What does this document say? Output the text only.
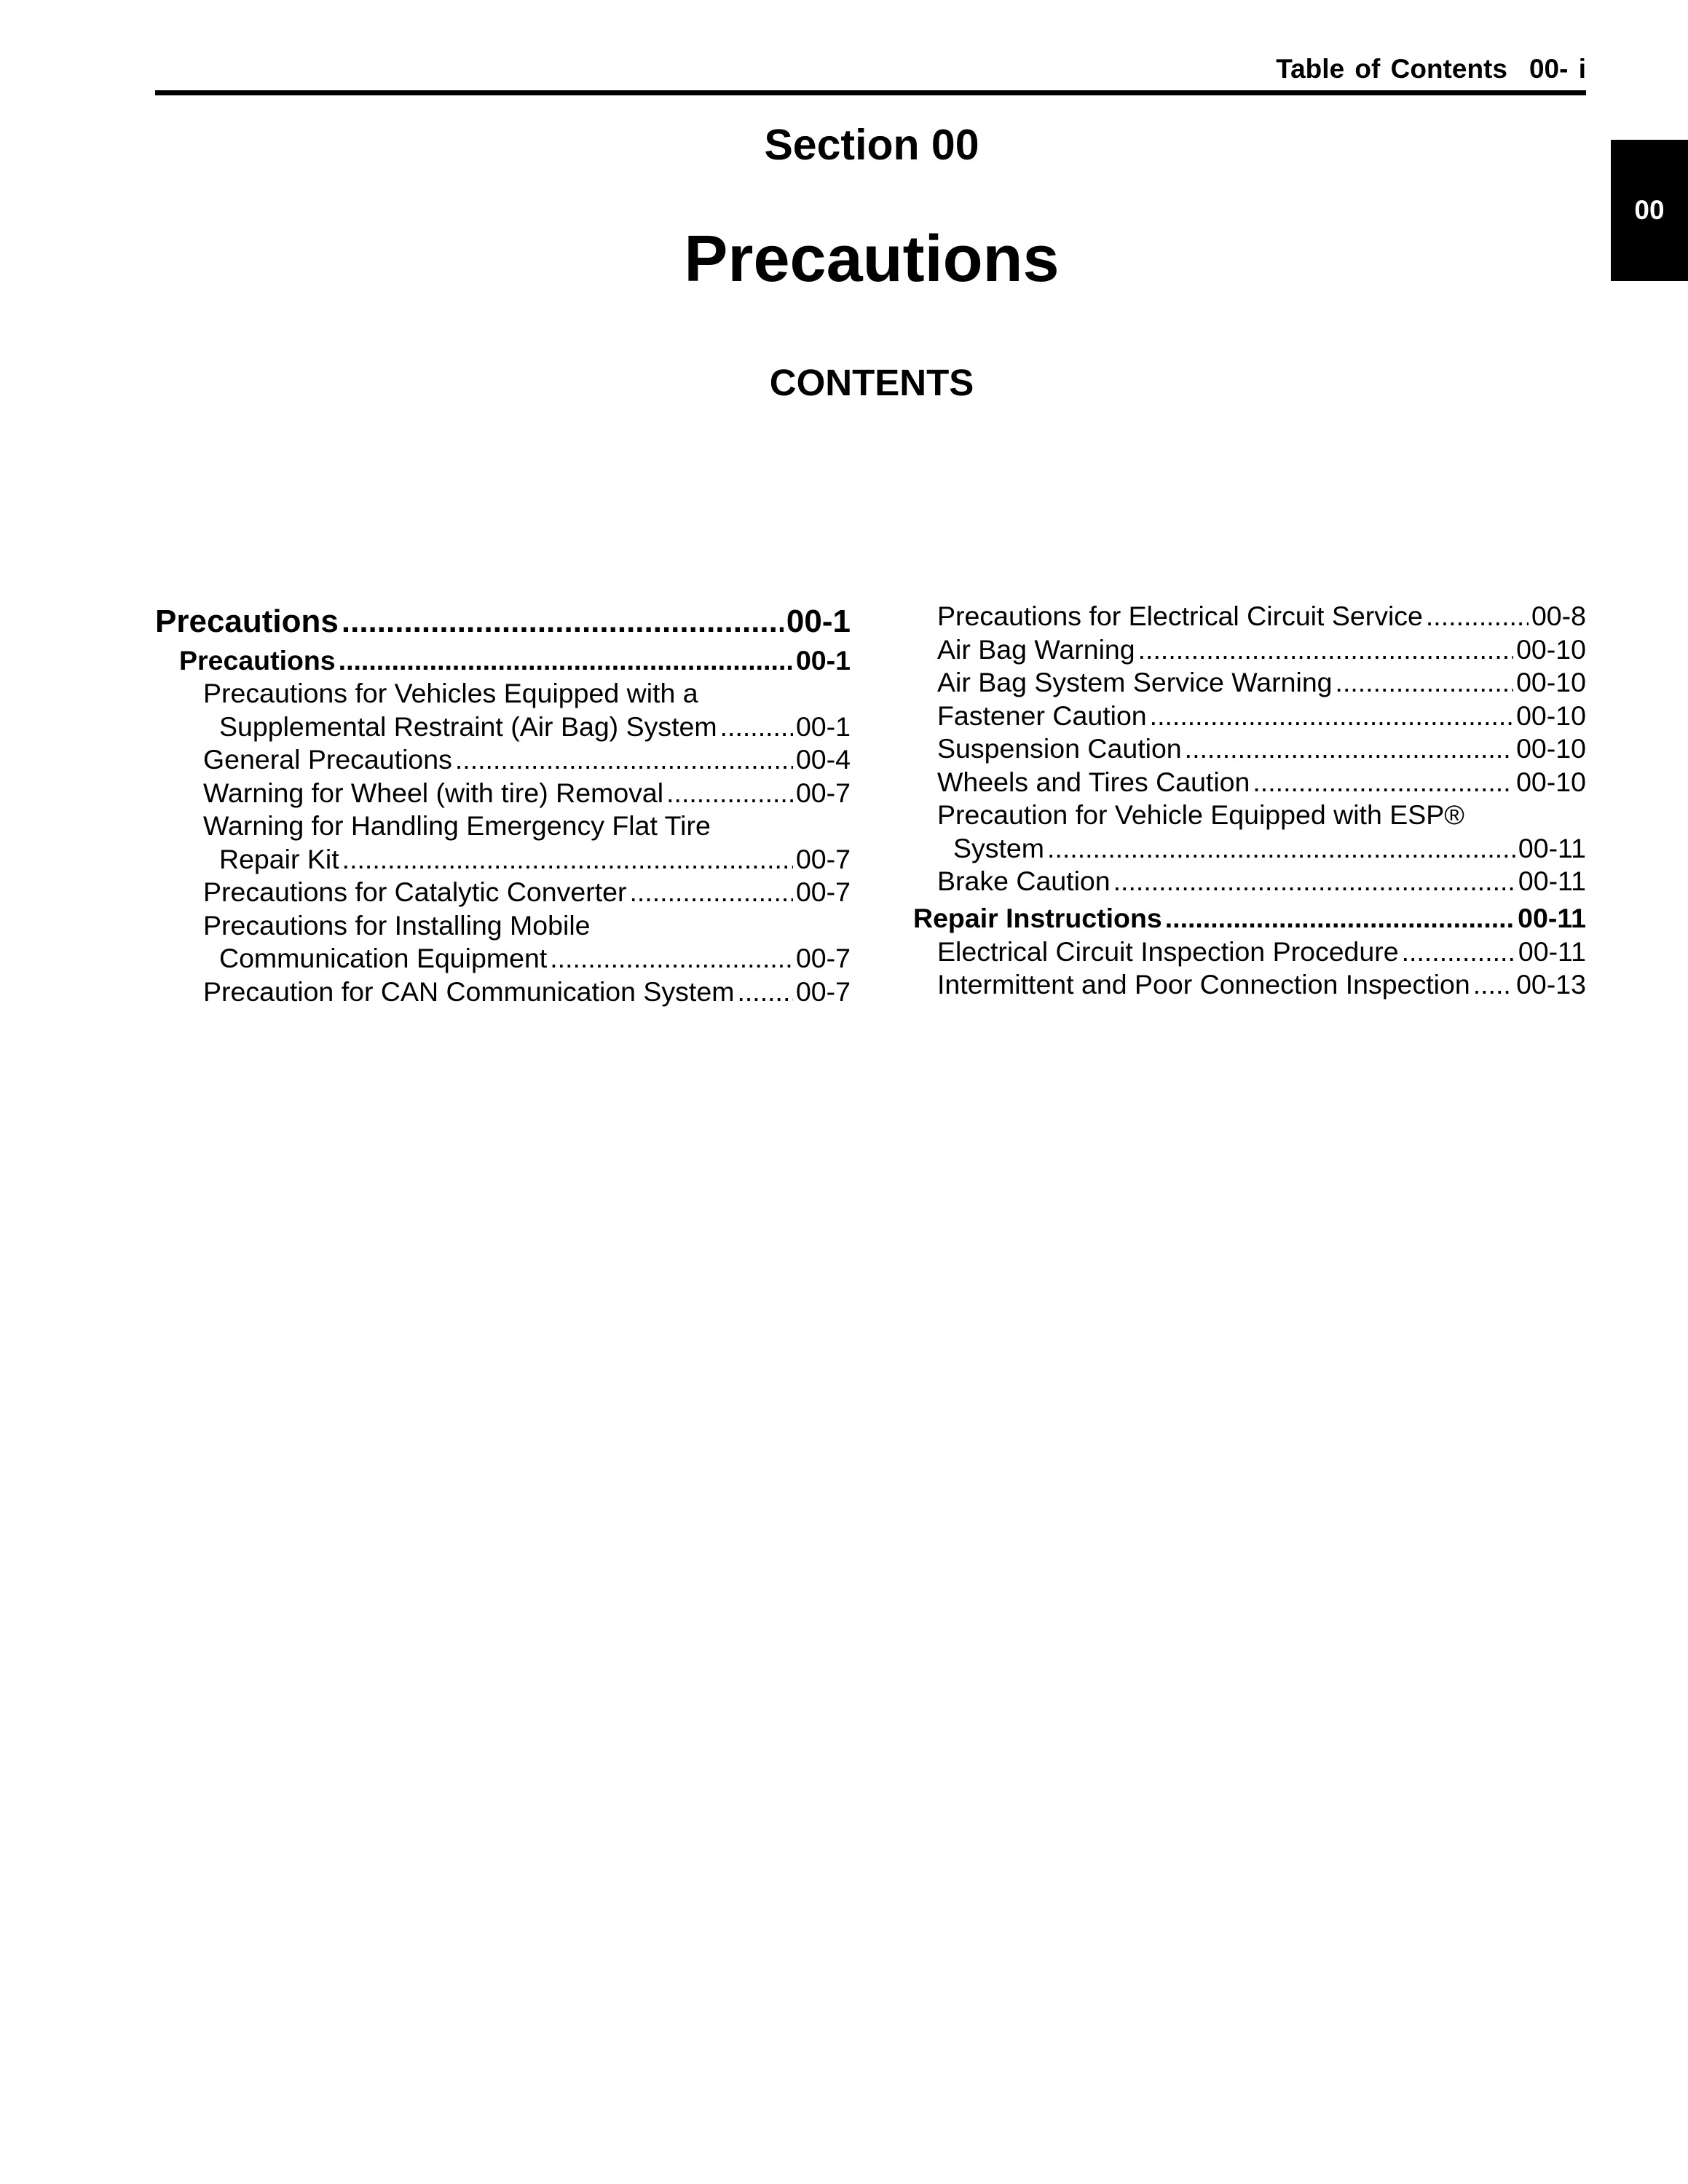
Table of Contents 00- i
00
Section 00
Precautions
CONTENTS
Precautions .....	00-1
Precautions .....	00-1
Precautions for Vehicles Equipped with a
Supplemental Restraint (Air Bag) System .....	00-1
General Precautions .....	00-4
Warning for Wheel (with tire) Removal .....	00-7
Warning for Handling Emergency Flat Tire
Repair Kit .....	00-7
Precautions for Catalytic Converter .....	00-7
Precautions for Installing Mobile
Communication Equipment .....	00-7
Precaution for CAN Communication System ..... 00-7
Precautions for Electrical Circuit Service .....	00-8
Air Bag Warning .....	00-10
Air Bag System Service Warning .....	00-10
Fastener Caution .....	00-10
Suspension Caution .....	00-10
Wheels and Tires Caution .....	00-10
Precaution for Vehicle Equipped with ESP®
System .....	00-11
Brake Caution .....	00-11
Repair Instructions .....	00-11
Electrical Circuit Inspection Procedure .....	00-11
Intermittent and Poor Connection Inspection ..... 00-13
